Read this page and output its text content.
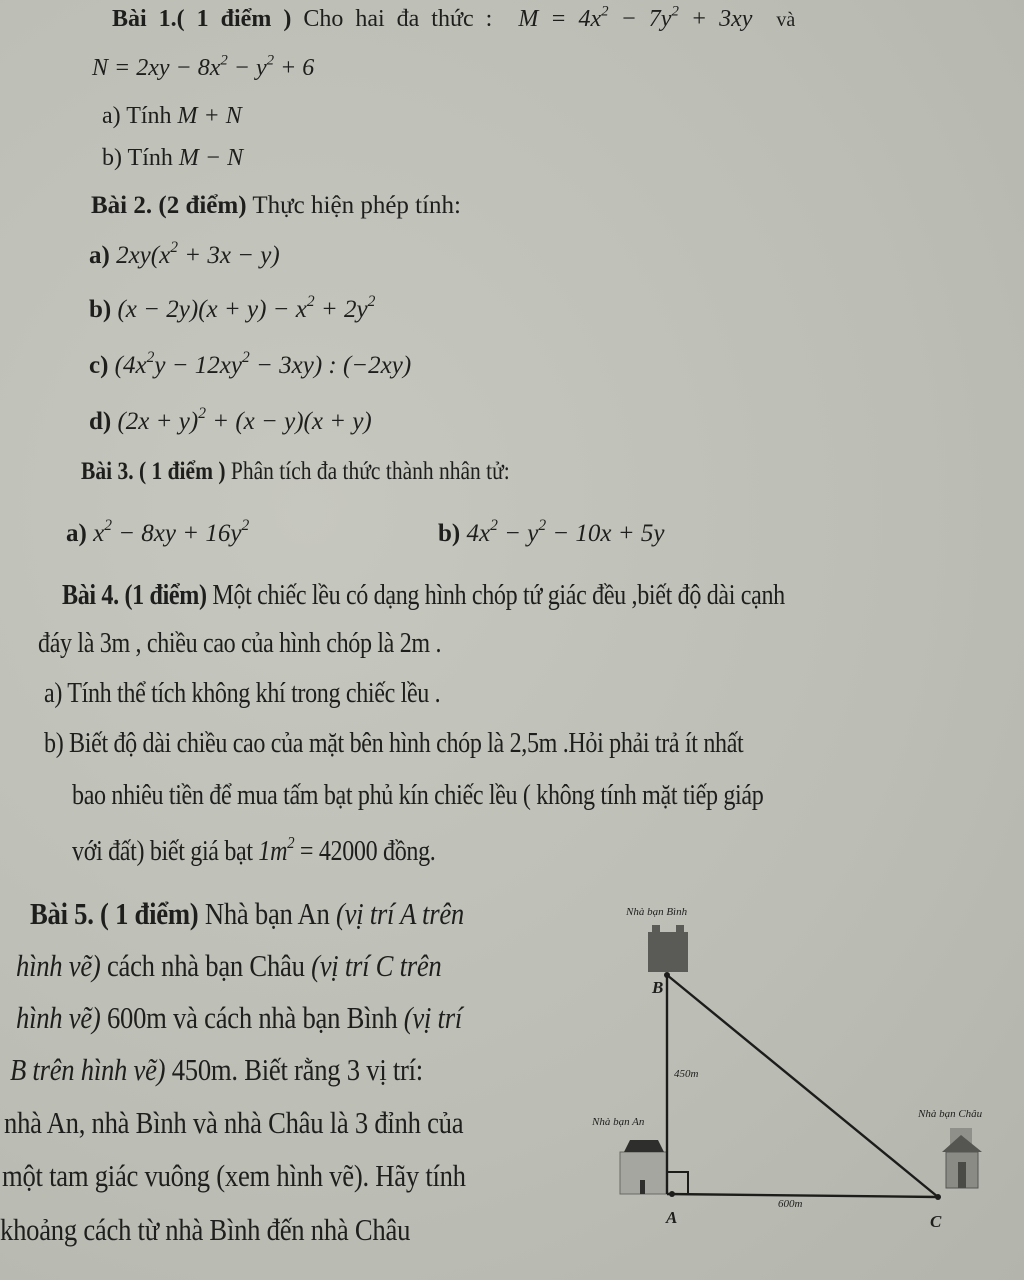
Bài 1.( 1 điểm ) Cho hai đa thức : $M = 4x^2 - 7y^2 + 3xy$ và
$N = 2xy - 8x^2 - y^2 + 6$
a) Tính M + N
b) Tính M − N
Bài 2. (2 điểm) Thực hiện phép tính:
a) $2xy(x^2 + 3x - y)$
b) $(x - 2y)(x + y) - x^2 + 2y^2$
c) $(4x^2y - 12xy^2 - 3xy)$ : (−2xy)
d) $(2x + y)^2 + (x - y)(x + y)$
Bài 3. ( 1 điểm ) Phân tích đa thức thành nhân tử:
a) $x^2 - 8xy + 16y^2$	b) $4x^2 - y^2 - 10x + 5y$
Bài 4. (1 điểm) Một chiếc lều có dạng hình chóp tứ giác đều ,biết độ dài cạnh
đáy là 3m , chiều cao của hình chóp là 2m .
a) Tính thể tích không khí trong chiếc lều .
b) Biết độ dài chiều cao của mặt bên hình chóp là 2,5m .Hỏi phải trả ít nhất
bao nhiêu tiền để mua tấm bạt phủ kín chiếc lều ( không tính mặt tiếp giáp
với đất) biết giá bạt $1m^2 = 42000$ đồng.
Bài 5. ( 1 điểm) Nhà bạn An (vị trí A trên
hình vẽ) cách nhà bạn Châu (vị trí C trên
hình vẽ) 600m và cách nhà bạn Bình (vị trí
B trên hình vẽ) 450m. Biết rằng 3 vị trí:
nhà An, nhà Bình và nhà Châu là 3 đỉnh của
một tam giác vuông (xem hình vẽ). Hãy tính
khoảng cách từ nhà Bình đến nhà Châu
Nhà bạn Bình
Nhà bạn An
Nhà bạn Châu
450m
600m
B
A	C
